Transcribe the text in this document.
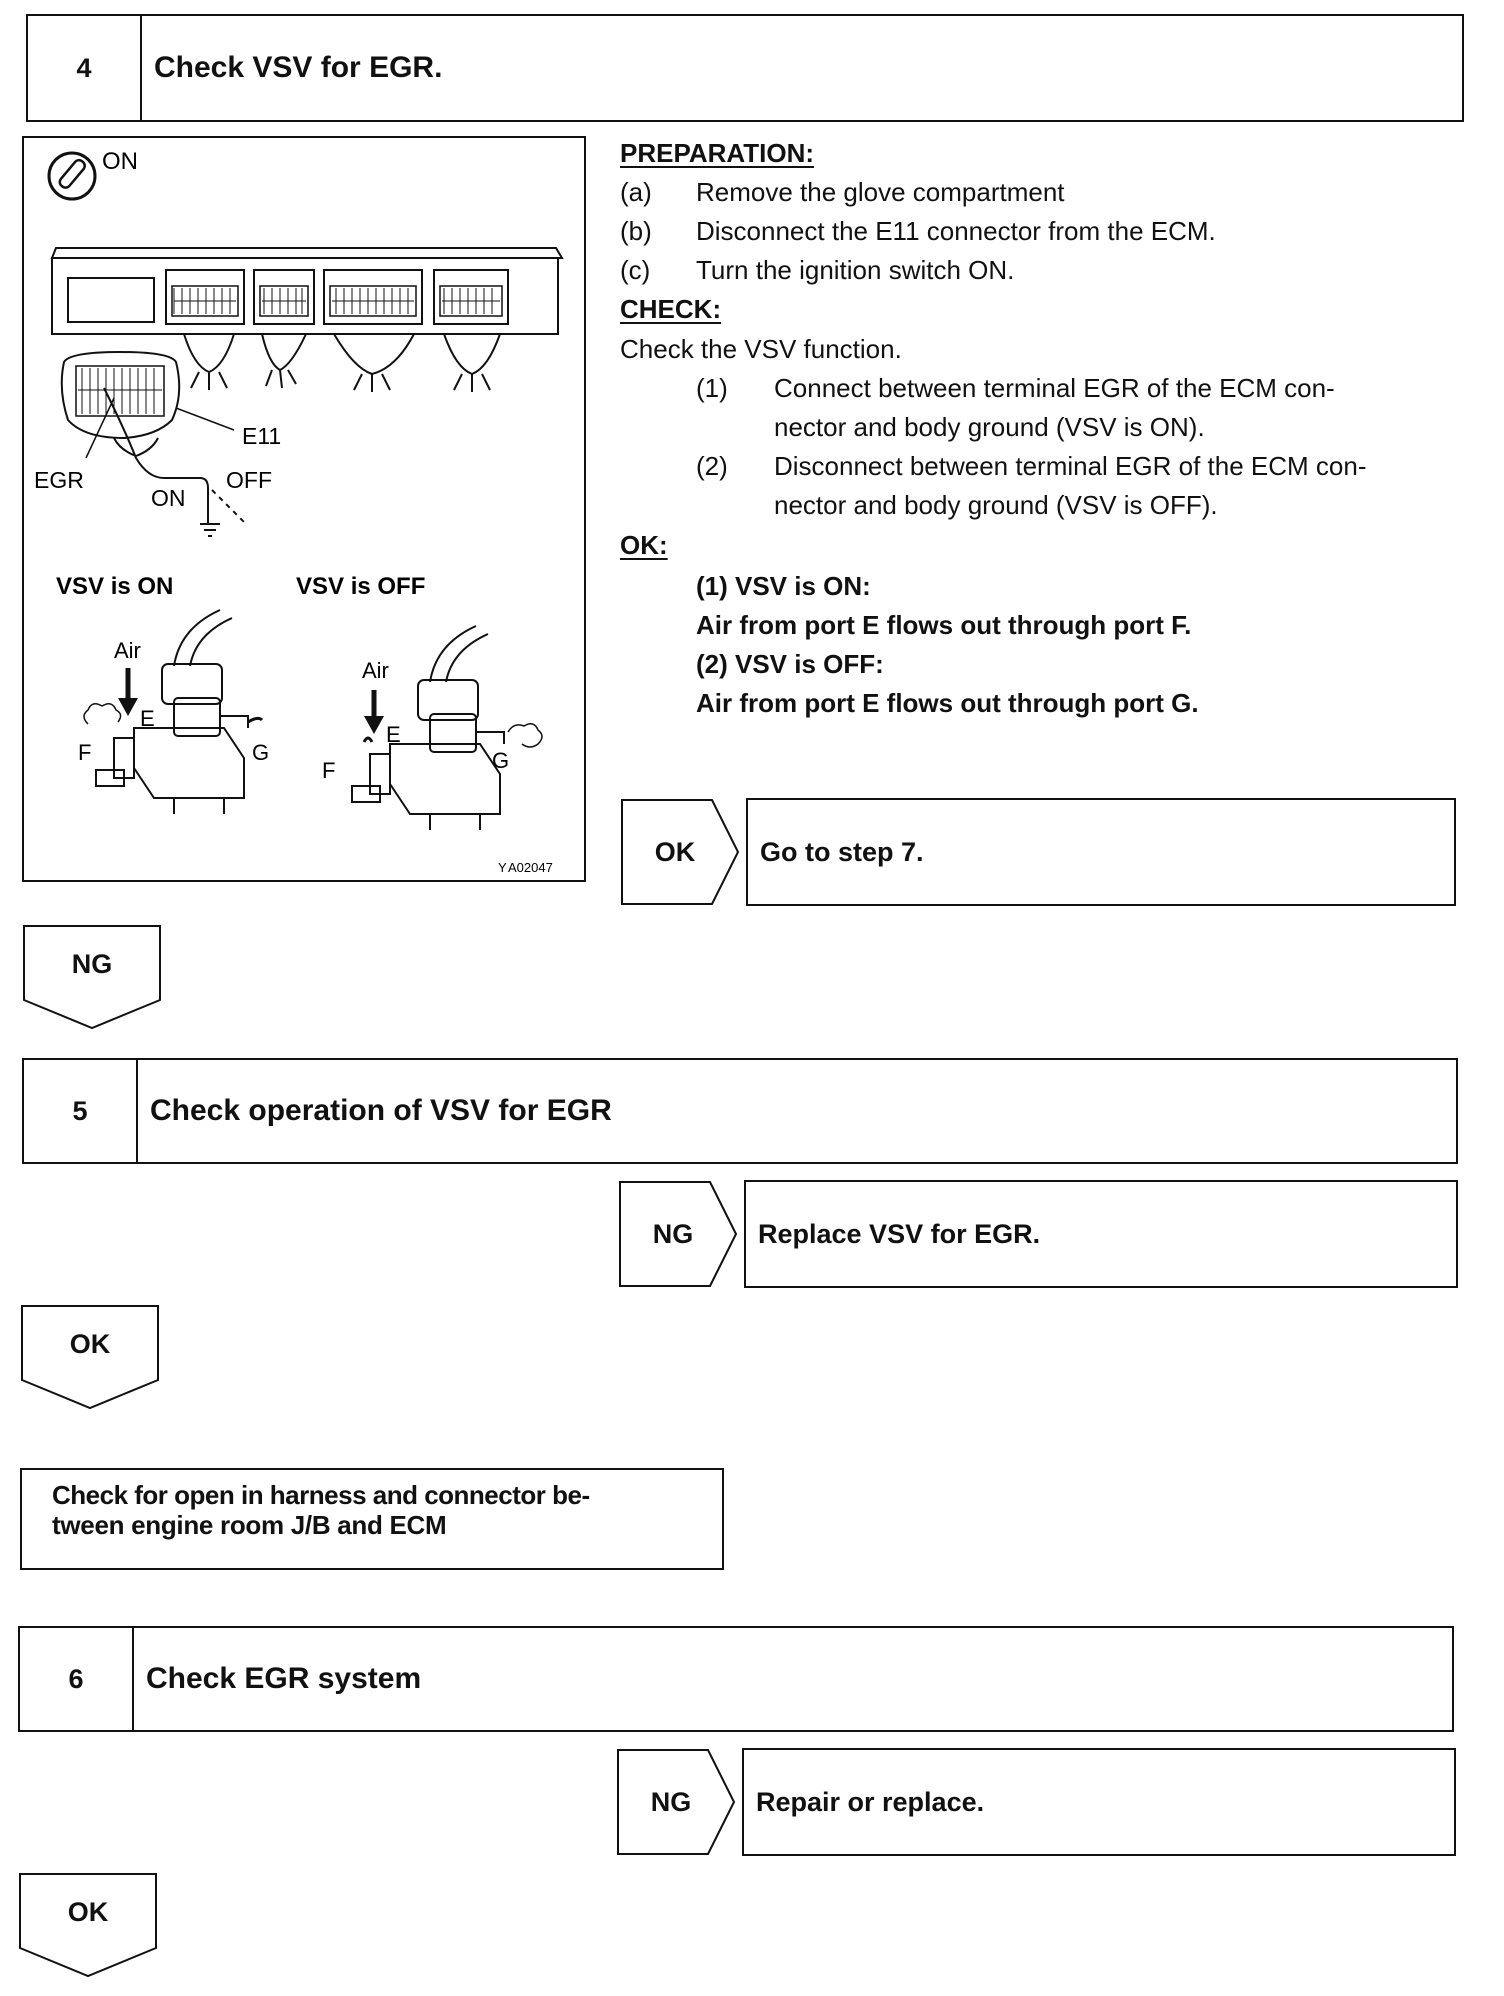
4	Check VSV for EGR.
ON
E11
EGR
ON
OFF
VSV is ON	VSV is OFF
Air
E
F	G
Air
E
F	G
A02047
Y
PREPARATION:
(a) Remove the glove compartment
(b) Disconnect the E11 connector from the ECM.
(c) Turn the ignition switch ON.
CHECK:
Check the VSV function.
(1) Connect between terminal EGR of the ECM con-
nector and body ground (VSV is ON).
(2) Disconnect between terminal EGR of the ECM con-
nector and body ground (VSV is OFF).
OK:
(1) VSV is ON:
Air from port E flows out through port F.
(2) VSV is OFF:
Air from port E flows out through port G.
OK	Go to step 7.
NG
5	Check operation of VSV for EGR
NG	Replace VSV for EGR.
OK
Check for open in harness and connector be-
tween engine room J/B and ECM
6	Check EGR system
NG	Repair or replace.
OK
